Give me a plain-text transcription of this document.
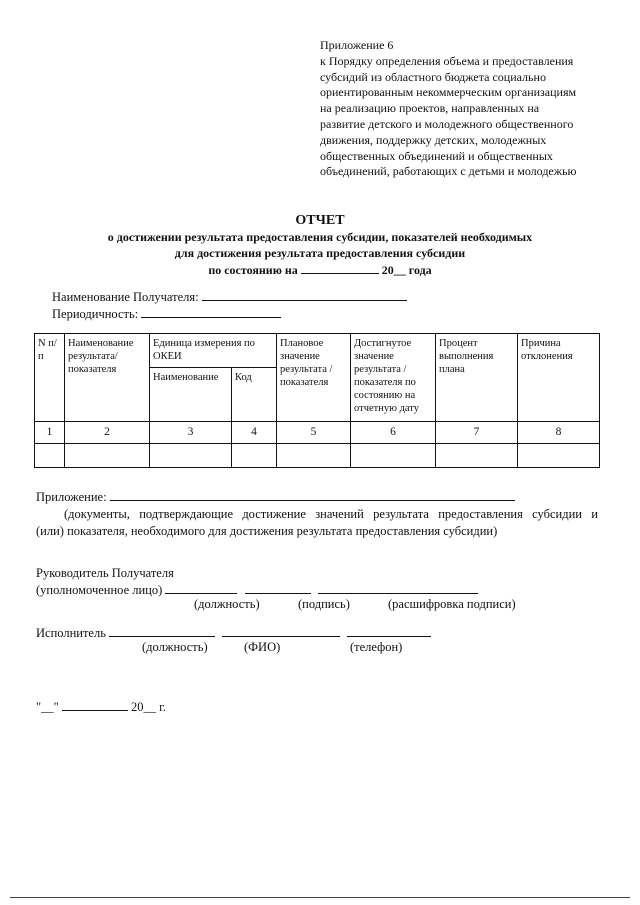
Приложение 6
к Порядку определения объема и предоставления
субсидий из областного бюджета социально
ориентированным некоммерческим организациям
на реализацию проектов, направленных на
развитие детского и молодежного общественного
движения, поддержку детских, молодежных
общественных объединений и общественных
объединений, работающих с детьми и молодежью
ОТЧЕТ
о достижении результата предоставления субсидии, показателей необходимых
для достижения результата предоставления субсидии
по состоянию на	20__ года
Наименование Получателя:
Периодичность:
N п/п	Наименование результата/показателя	Единица измерения по ОКЕИ		Плановое значение результата / показателя	Достигнутое значение результата / показателя по состоянию на отчетную дату	Процент выполнения плана	Причина отклонения
		Наименование	Код				
1	2	3	4	5	6	7	8

Приложение:
(документы, подтверждающие достижение значений результата предоставления субсидии и
(или) показателя, необходимого для достижения результата предоставления субсидии)
Руководитель Получателя
(уполномоченное лицо)
(должность)	(подпись)	(расшифровка подписи)
Исполнитель
(должность)	(ФИО)	(телефон)
"__"	20__ г.
